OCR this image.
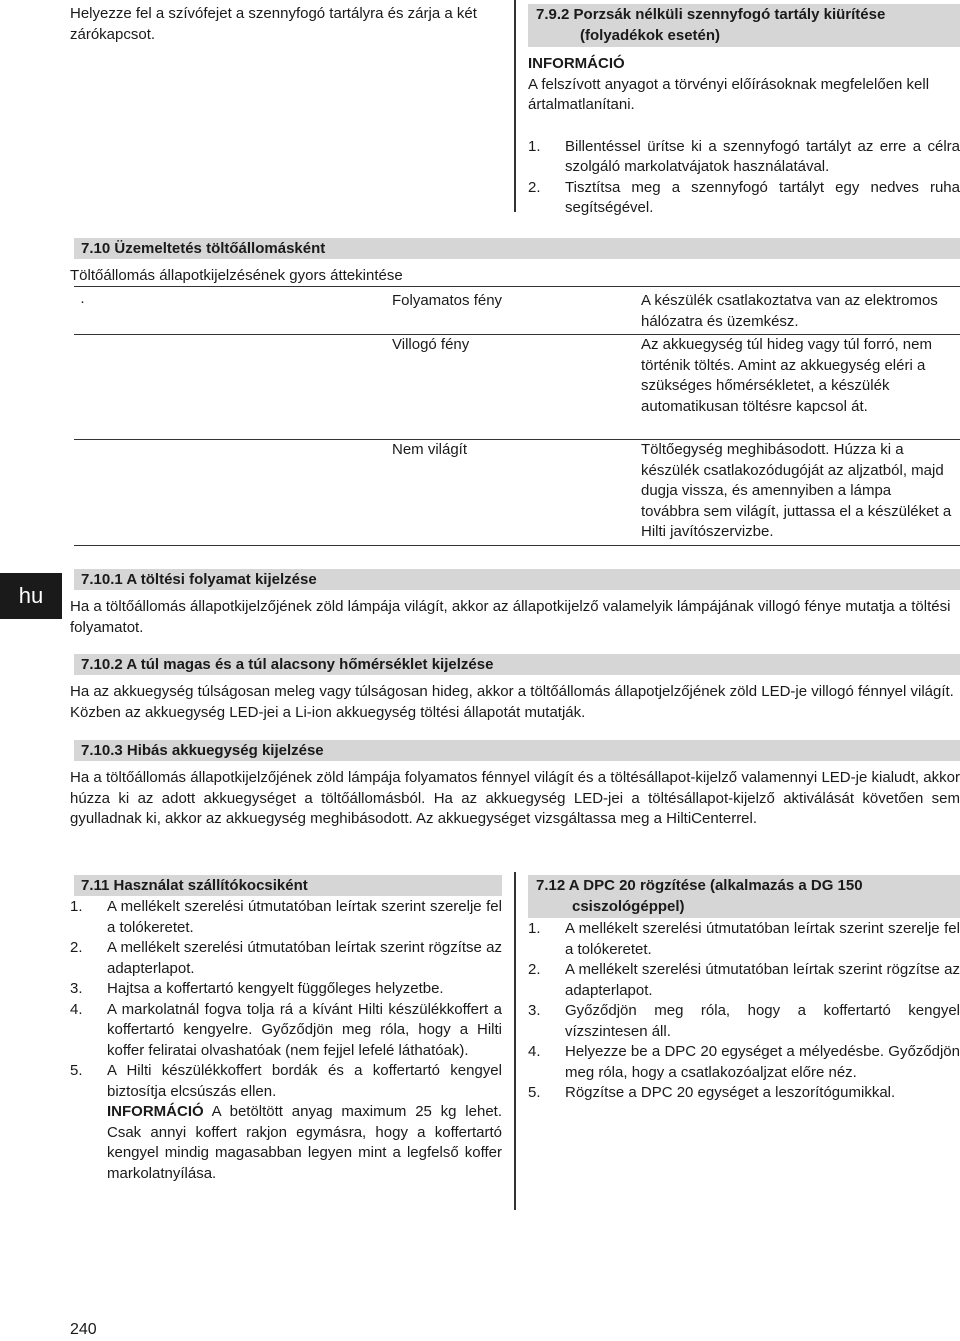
Helyezze fel a szívófejet a szennyfogó tartályra és zárja a két zárókapcsot.
7.9.2 Porzsák nélküli szennyfogó tartály kiürítése
(folyadékok esetén)
INFORMÁCIÓ
A felszívott anyagot a törvényi előírásoknak megfelelően kell ártalmatlanítani.
1. Billentéssel ürítse ki a szennyfogó tartályt az erre a célra szolgáló markolatvájatok használatával.
2. Tisztítsa meg a szennyfogó tartályt egy nedves ruha segítségével.
7.10 Üzemeltetés töltőállomásként
Töltőállomás állapotkijelzésének gyors áttekintése
·	Folyamatos fény	A készülék csatlakoztatva van az elektromos hálózatra és üzemkész.
Villogó fény	Az akkuegység túl hideg vagy túl forró, nem történik töltés. Amint az akkuegység eléri a szükséges hőmérsékletet, a készülék automatikusan töltésre kapcsol át.
Nem világít	Töltőegység meghibásodott. Húzza ki a készülék csatlakozódugóját az aljzatból, majd dugja vissza, és amennyiben a lámpa továbbra sem világít, juttassa el a készüléket a Hilti javítószervizbe.
hu
7.10.1 A töltési folyamat kijelzése
Ha a töltőállomás állapotkijelzőjének zöld lámpája világít, akkor az állapotkijelző valamelyik lámpájának villogó fénye mutatja a töltési folyamatot.
7.10.2 A túl magas és a túl alacsony hőmérséklet kijelzése
Ha az akkuegység túlságosan meleg vagy túlságosan hideg, akkor a töltőállomás állapotjelzőjének zöld LED-je villogó fénnyel világít. Közben az akkuegység LED-jei a Li-ion akkuegység töltési állapotát mutatják.
7.10.3 Hibás akkuegység kijelzése
Ha a töltőállomás állapotkijelzőjének zöld lámpája folyamatos fénnyel világít és a töltésállapot-kijelző valamennyi LED-je kialudt, akkor húzza ki az adott akkuegységet a töltőállomásból. Ha az akkuegység LED-jei a töltésállapot-kijelző aktiválását követően sem gyulladnak ki, akkor az akkuegység meghibásodott. Az akkuegységet vizsgáltassa meg a HiltiCenterrel.
7.11 Használat szállítókocsiként
1. A mellékelt szerelési útmutatóban leírtak szerint szerelje fel a tolókeretet.
2. A mellékelt szerelési útmutatóban leírtak szerint rögzítse az adapterlapot.
3. Hajtsa a koffertartó kengyelt függőleges helyzetbe.
4. A markolatnál fogva tolja rá a kívánt Hilti készülékkoffert a koffertartó kengyelre. Győződjön meg róla, hogy a Hilti koffer feliratai olvashatóak (nem fejjel lefelé láthatóak).
5. A Hilti készülékkoffert bordák és a koffertartó kengyel biztosítja elcsúszás ellen.
INFORMÁCIÓ A betöltött anyag maximum 25 kg lehet. Csak annyi koffert rakjon egymásra, hogy a koffertartó kengyel mindig magasabban legyen mint a legfelső koffer markolatnyílása.
7.12 A DPC 20 rögzítése (alkalmazás a DG 150
csiszológéppel)
1. A mellékelt szerelési útmutatóban leírtak szerint szerelje fel a tolókeretet.
2. A mellékelt szerelési útmutatóban leírtak szerint rögzítse az adapterlapot.
3. Győződjön meg róla, hogy a koffertartó kengyel vízszintesen áll.
4. Helyezze be a DPC 20 egységet a mélyedésbe. Győződjön meg róla, hogy a csatlakozóaljzat előre néz.
5. Rögzítse a DPC 20 egységet a leszorítógumikkal.
240
